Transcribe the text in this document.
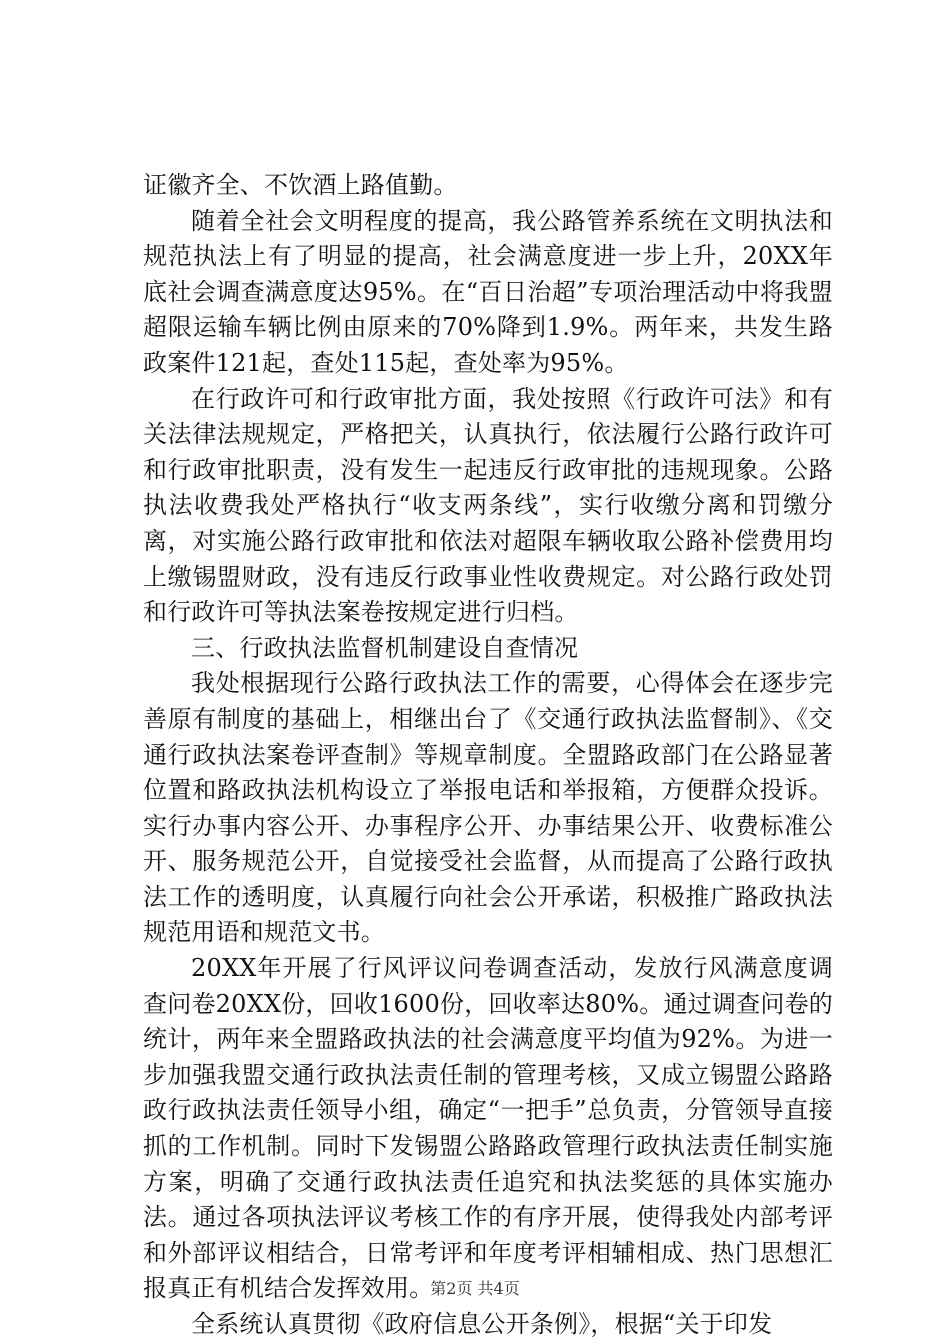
证徽齐全、不饮酒上路值勤。

随着全社会文明程度的提高，我公路管养系统在文明执法和规范执法上有了明显的提高，社会满意度进一步上升，20XX年底社会调查满意度达95%。在“百日治超”专项治理活动中将我盟超限运输车辆比例由原来的70%降到1.9%。两年来，共发生路政案件121起，查处115起，查处率为95%。

在行政许可和行政审批方面，我处按照《行政许可法》和有关法律法规规定，严格把关，认真执行，依法履行公路行政许可和行政审批职责，没有发生一起违反行政审批的违规现象。公路执法收费我处严格执行“收支两条线”，实行收缴分离和罚缴分离，对实施公路行政审批和依法对超限车辆收取公路补偿费用均上缴锡盟财政，没有违反行政事业性收费规定。对公路行政处罚和行政许可等执法案卷按规定进行归档。

三、行政执法监督机制建设自查情况

我处根据现行公路行政执法工作的需要，心得体会在逐步完善原有制度的基础上，相继出台了《交通行政执法监督制》、《交通行政执法案卷评查制》等规章制度。全盟路政部门在公路显著位置和路政执法机构设立了举报电话和举报箱，方便群众投诉。实行办事内容公开、办事程序公开、办事结果公开、收费标准公开、服务规范公开，自觉接受社会监督，从而提高了公路行政执法工作的透明度，认真履行向社会公开承诺，积极推广路政执法规范用语和规范文书。

20XX年开展了行风评议问卷调查活动，发放行风满意度调查问卷20XX份，回收1600份，回收率达80%。通过调查问卷的统计，两年来全盟路政执法的社会满意度平均值为92%。为进一步加强我盟交通行政执法责任制的管理考核，又成立锡盟公路路政行政执法责任领导小组，确定“一把手”总负责，分管领导直接抓的工作机制。同时下发锡盟公路路政管理行政执法责任制实施方案，明确了交通行政执法责任追究和执法奖惩的具体实施办法。通过各项执法评议考核工作的有序开展，使得我处内部考评和外部评议相结合，日常考评和年度考评相辅相成、热门思想汇报真正有机结合发挥效用。

全系统认真贯彻《政府信息公开条例》，根据“关于印发

第2页 共4页
